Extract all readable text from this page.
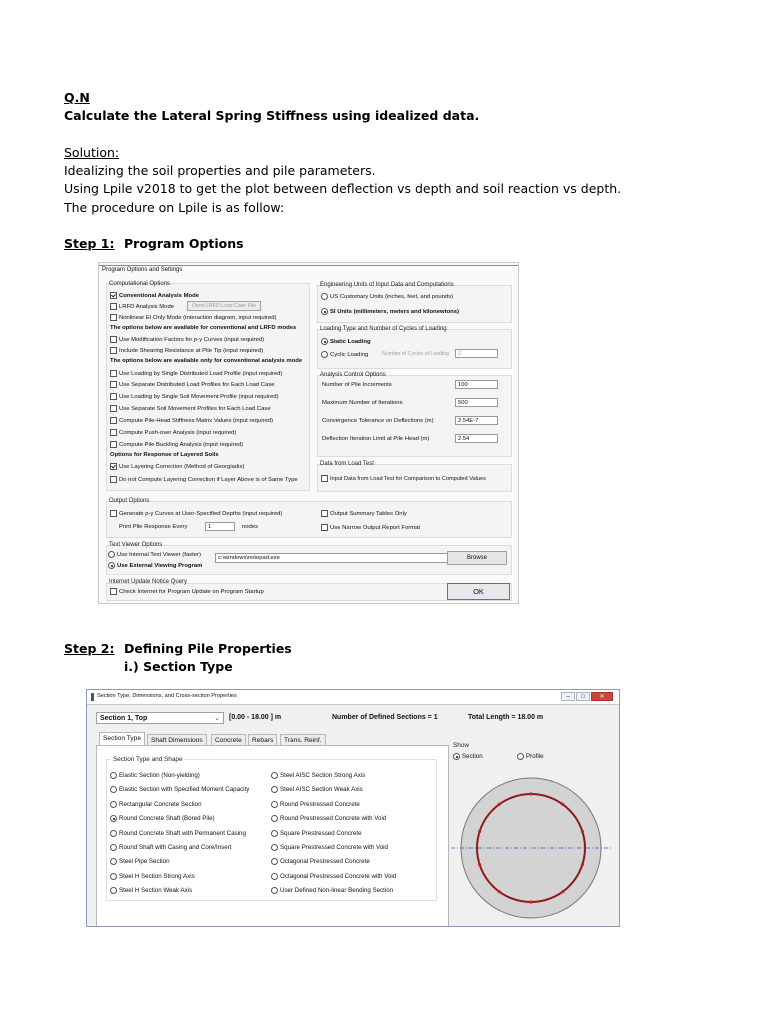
Q.N
Calculate the Lateral Spring Stiffness using idealized data.
Solution:
Idealizing the soil properties and pile parameters.
Using Lpile v2018 to get the plot between deflection vs depth and soil reaction vs depth.
The procedure on Lpile is as follow:
Step 1: Program Options
Step 2: Defining Pile Properties
i.) Section Type
Program Options and Settings
Computational Options
Conventional Analysis Mode
LRFD Analysis Mode	Open LRFD Load Case File
Nonlinear EI Only Mode (interaction diagram, input required)
The options below are available for conventional and LRFD modes
Use Modification Factors for p-y Curves (input required)
Include Shearing Resistance at Pile Tip (input required)
The options below are available only for conventional analysis mode
Use Loading by Single Distributed Load Profile (input required)
Use Separate Distributed Load Profiles for Each Load Case
Use Loading by Single Soil Movement Profile (input required)
Use Separate Soil Movement Profiles for Each Load Case
Compute Pile-Head Stiffness Matrix Values (input required)
Compute Push-over Analysis (input required)
Compute Pile Buckling Analysis (input required)
Options for Response of Layered Soils
Use Layering Correction (Method of Georgiadis)
Do not Compute Layering Correction if Layer Above is of Same Type
Engineering Units of Input Data and Computations
US Customary Units (inches, feet, and pounds)
SI Units (millimeters, meters and kilonewtons)
Loading Type and Number of Cycles of Loading
Static Loading
Cyclic Loading	Number of Cycles of Loading	2
Analysis Control Options
Number of Pile Increments	100
Maximum Number of Iterations	500
Convergence Tolerance on Deflections (m)	2.54E-7
Deflection Iteration Limit at Pile Head (m)	2.54
Data from Load Test
Input Data from Load Test for Comparison to Computed Values
Output Options
Generate p-y Curves at User-Specified Depths (input required)
Print Pile Response Every	1	nodes
Output Summary Tables Only
Use Narrow Output Report Format
Text Viewer Options
Use Internal Text Viewer (faster)
Use External Viewing Program
c:\windows\notepad.exe	Browse
Internet Update Notice Query
Check Internet for Program Update on Program Startup	OK
Section Type, Dimensions, and Cross-section Properties	–	□	✕
Section 1, Top	⌄ [0.00 - 18.00 ] m	Number of Defined Sections = 1	Total Length = 18.00 m
Section Type	Shaft Dimensions	Concrete	Rebars	Trans. Reinf.
Section Type and Shape
Elastic Section (Non-yielding)
Elastic Section with Specified Moment Capacity
Rectangular Concrete Section
Round Concrete Shaft (Bored Pile)
Round Concrete Shaft with Permanent Casing
Round Shaft with Casing and Core/Insert
Steel Pipe Section
Steel H Section Strong Axis
Steel H Section Weak Axis
Steel AISC Section Strong Axis
Steel AISC Section Weak Axis
Round Prestressed Concrete
Round Prestressed Concrete with Void
Square Prestressed Concrete
Square Prestressed Concrete with Void
Octagonal Prestressed Concrete
Octagonal Prestressed Concrete with Void
User Defined Non-linear Bending Section
Show
Section	Profile
